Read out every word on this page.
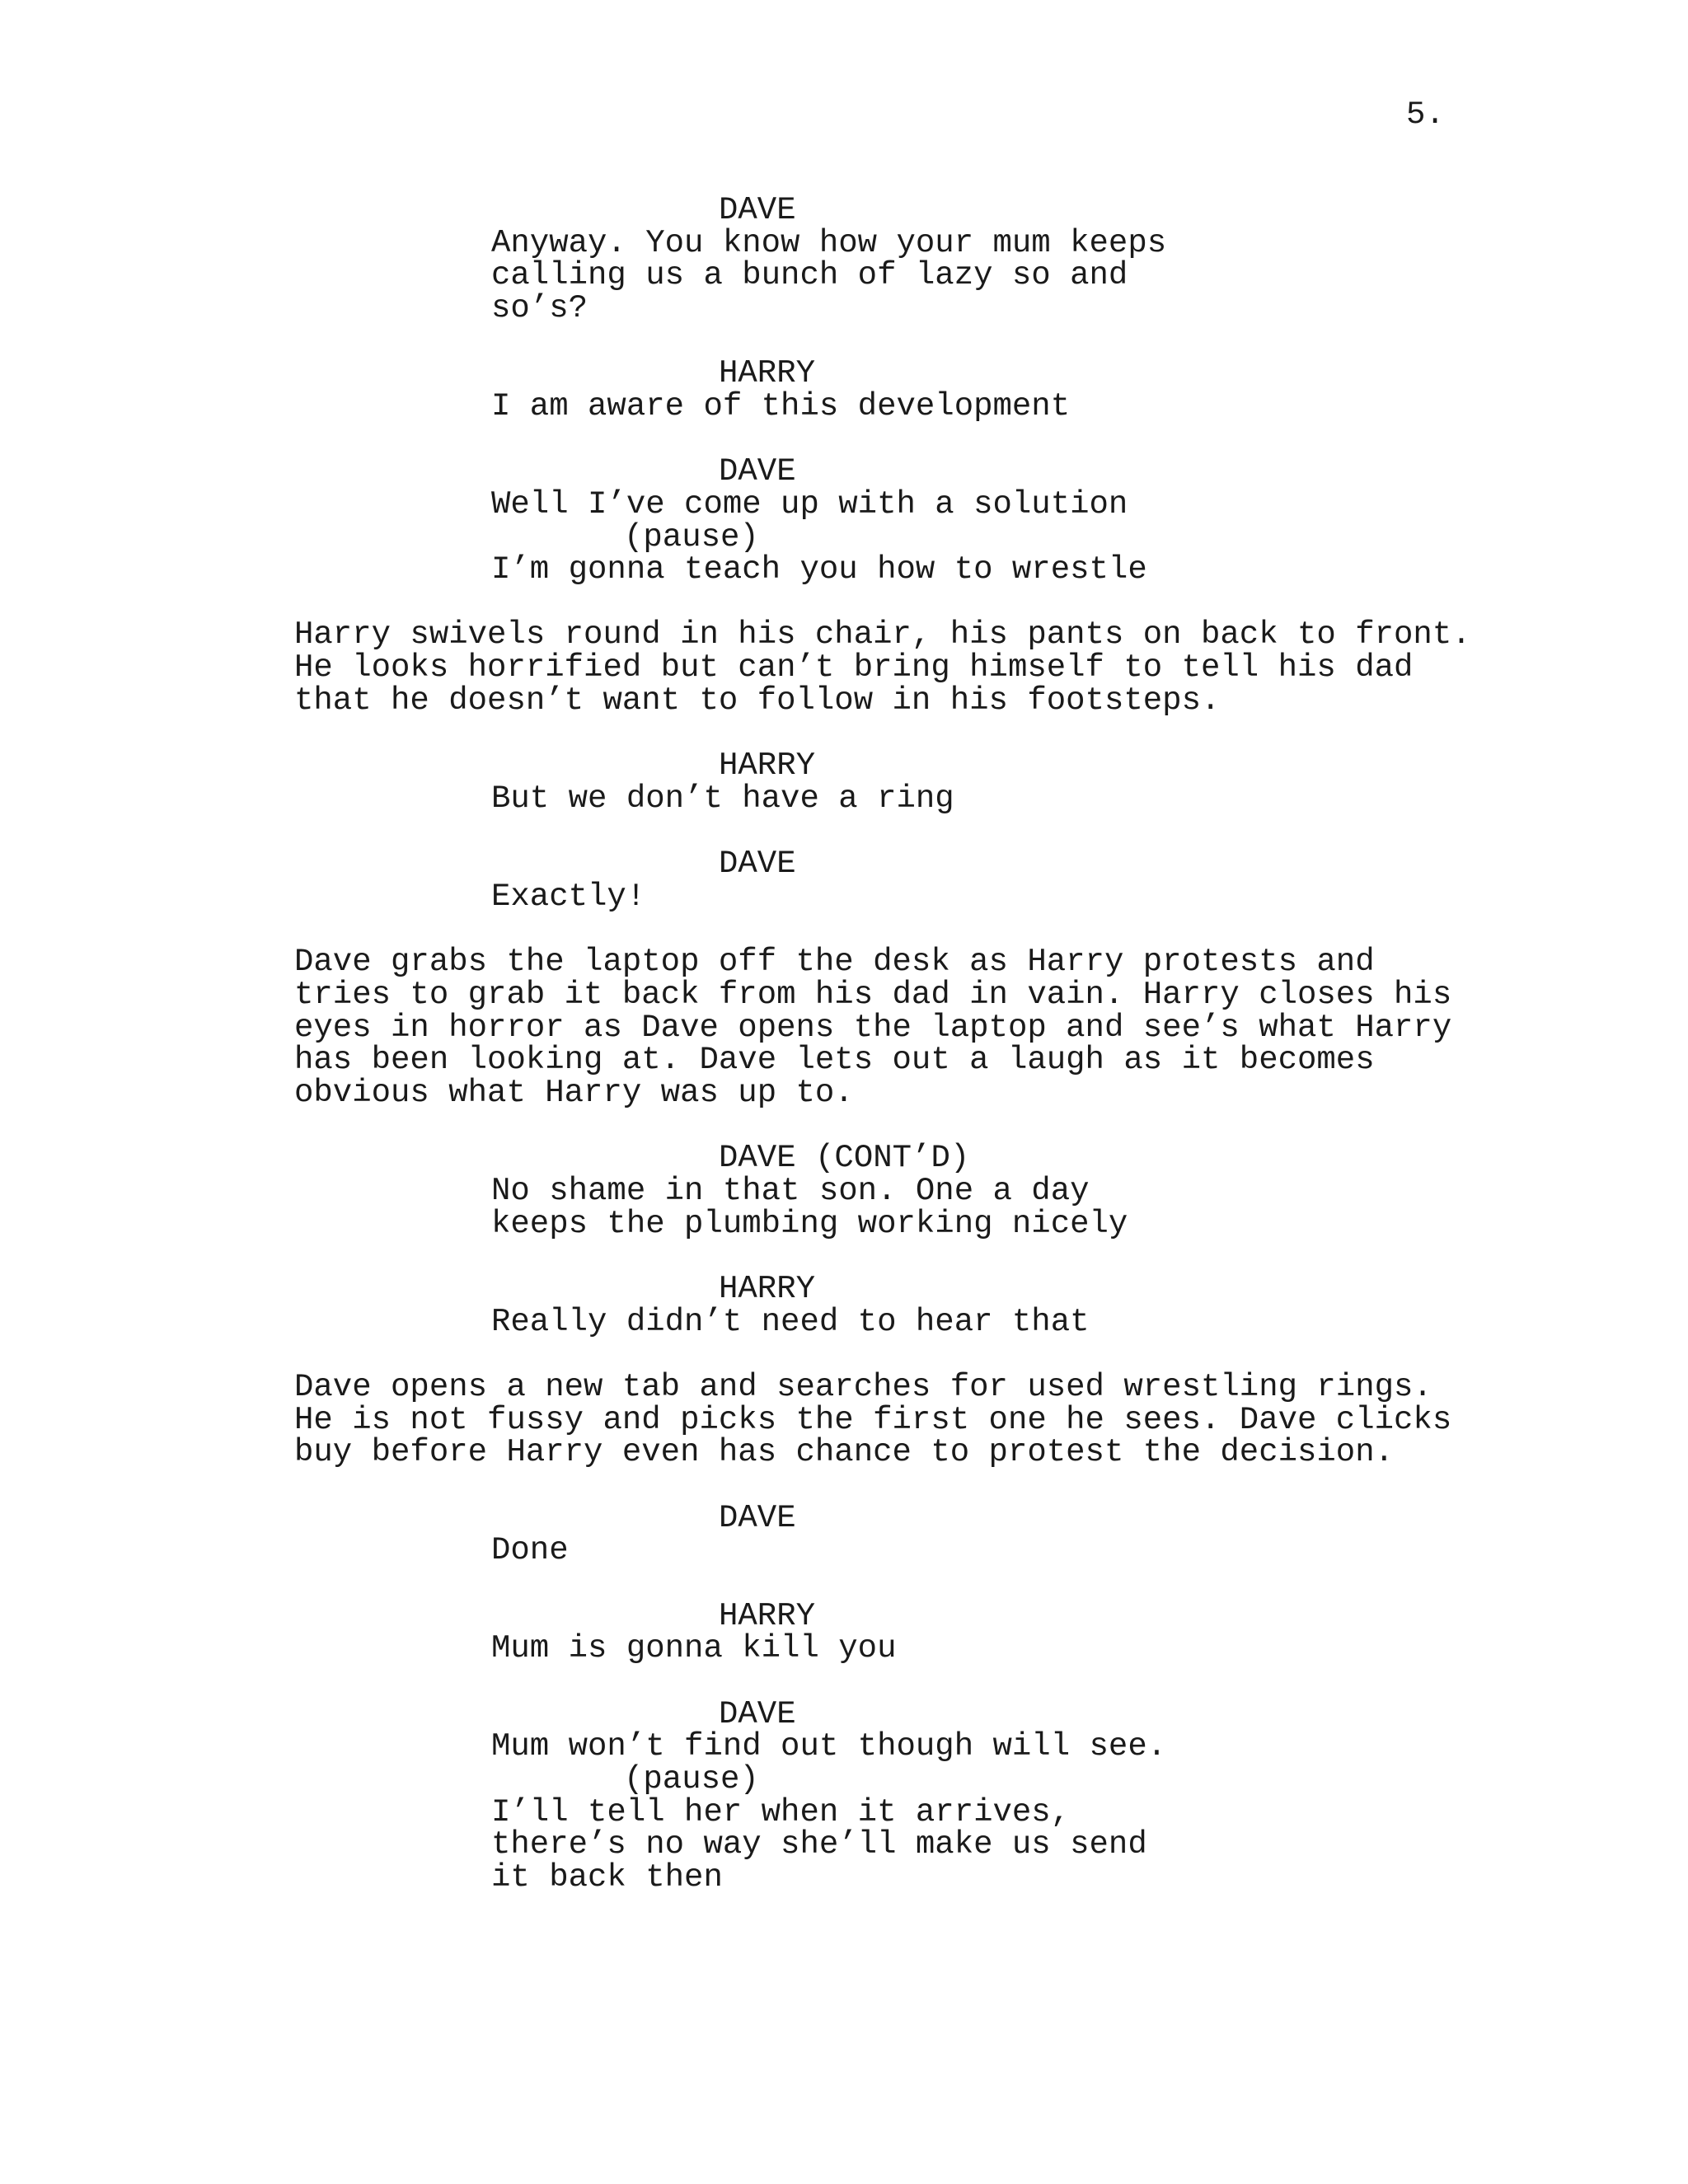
5.
DAVE
Anyway. You know how your mum keeps
calling us a bunch of lazy so and
so’s?
HARRY
I am aware of this development
DAVE
Well I’ve come up with a solution
(pause)
I’m gonna teach you how to wrestle
Harry swivels round in his chair, his pants on back to front.
He looks horrified but can’t bring himself to tell his dad
that he doesn’t want to follow in his footsteps.
HARRY
But we don’t have a ring
DAVE
Exactly!
Dave grabs the laptop off the desk as Harry protests and
tries to grab it back from his dad in vain. Harry closes his
eyes in horror as Dave opens the laptop and see’s what Harry
has been looking at. Dave lets out a laugh as it becomes
obvious what Harry was up to.
DAVE (CONT’D)
No shame in that son. One a day
keeps the plumbing working nicely
HARRY
Really didn’t need to hear that
Dave opens a new tab and searches for used wrestling rings.
He is not fussy and picks the first one he sees. Dave clicks
buy before Harry even has chance to protest the decision.
DAVE
Done
HARRY
Mum is gonna kill you
DAVE
Mum won’t find out though will see.
(pause)
I’ll tell her when it arrives,
there’s no way she’ll make us send
it back then
